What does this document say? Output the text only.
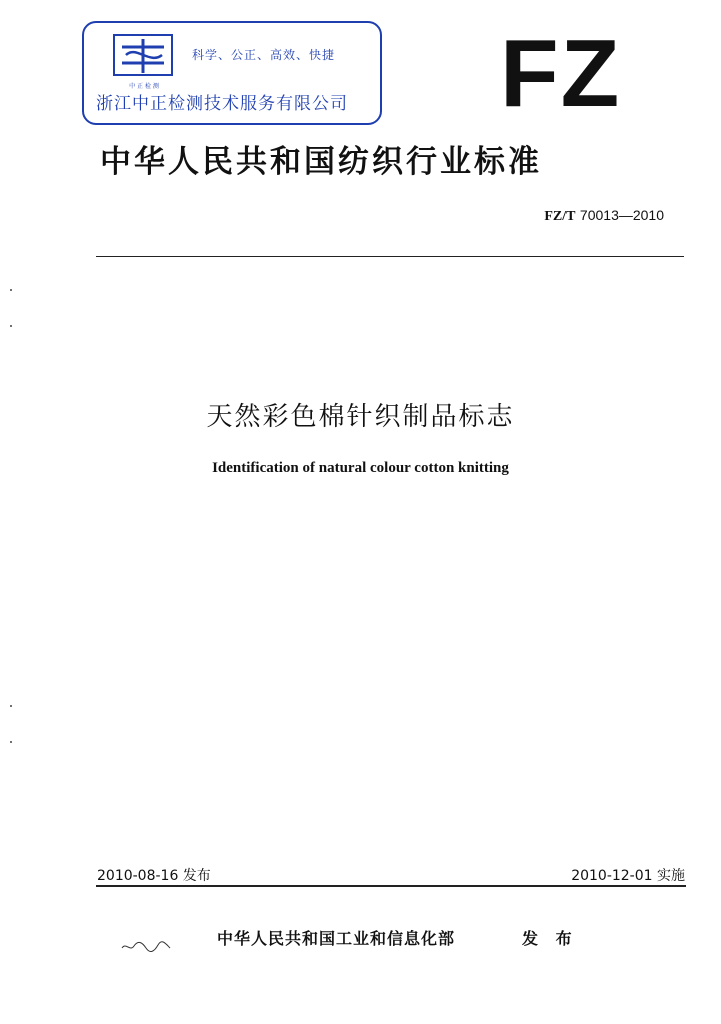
中 正 检 测
科学、公正、高效、快捷
浙江中正检测技术服务有限公司 FZ
中华人民共和国纺织行业标准
FZ/T 70013—2010
天然彩色棉针织制品标志
Identification of natural colour cotton knitting
2010-08-16 发布	2010-12-01 实施
中华人民共和国工业和信息化部	发 布
